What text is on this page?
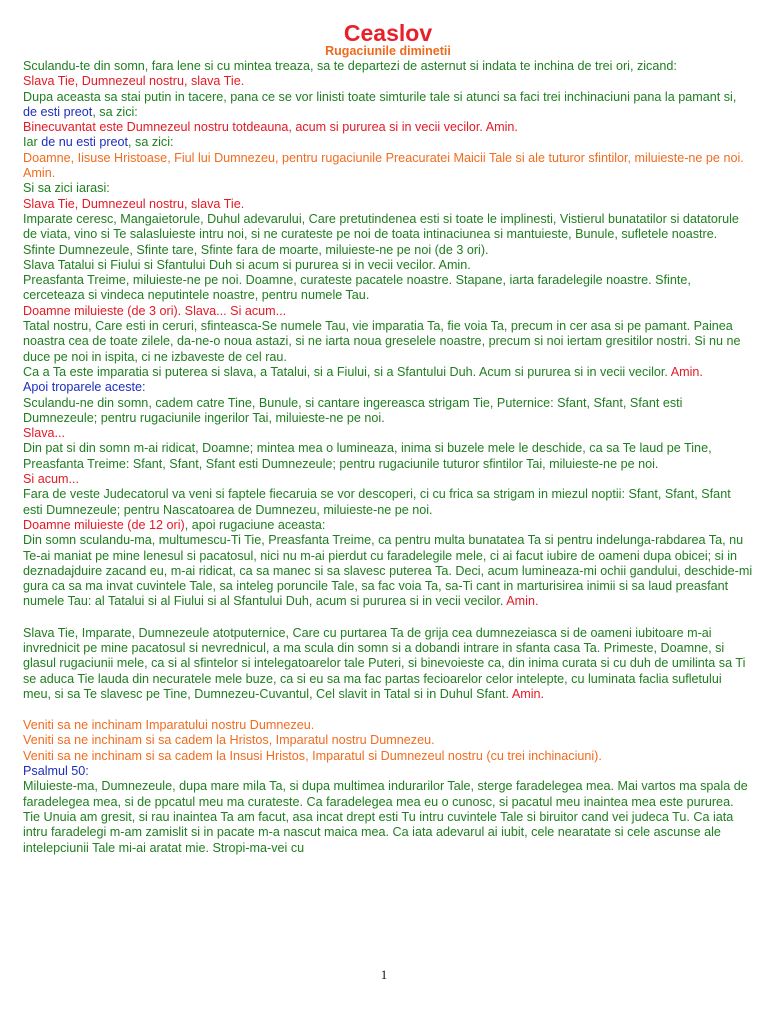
Ceaslov
Rugaciunile diminetii

Sculandu-te din somn, fara lene si cu mintea treaza, sa te departezi de asternut si indata te inchina de trei ori, zicand:

Slava Tie, Dumnezeul nostru, slava Tie.

Dupa aceasta sa stai putin in tacere, pana ce se vor linisti toate simturile tale si atunci sa faci trei inchinaciuni pana la pamant si, de esti preot, sa zici:

Binecuvantat este Dumnezeul nostru totdeauna, acum si pururea si in vecii vecilor. Amin.

Iar de nu esti preot, sa zici:

Doamne, Iisuse Hristoase, Fiul lui Dumnezeu, pentru rugaciunile Preacuratei Maicii Tale si ale tuturor sfintilor, miluieste-ne pe noi. Amin.

Si sa zici iarasi:

Slava Tie, Dumnezeul nostru, slava Tie.

Imparate ceresc, Mangaietorule, Duhul adevarului, Care pretutindenea esti si toate le implinesti, Vistierul bunatatilor si datatorule de viata, vino si Te salasluieste intru noi, si ne curateste pe noi de toata intinaciunea si mantuieste, Bunule, sufletele noastre.

Sfinte Dumnezeule, Sfinte tare, Sfinte fara de moarte, miluieste-ne pe noi (de 3 ori).

Slava Tatalui si Fiului si Sfantului Duh si acum si pururea si in vecii vecilor. Amin.

Preasfanta Treime, miluieste-ne pe noi. Doamne, curateste pacatele noastre. Stapane, iarta faradelegile noastre. Sfinte, cerceteaza si vindeca neputintele noastre, pentru numele Tau.

Doamne miluieste (de 3 ori). Slava... Si acum...

Tatal nostru, Care esti in ceruri, sfinteasca-Se numele Tau, vie imparatia Ta, fie voia Ta, precum in cer asa si pe pamant. Painea noastra cea de toate zilele, da-ne-o noua astazi, si ne iarta noua greselele noastre, precum si noi iertam gresitilor nostri. Si nu ne duce pe noi in ispita, ci ne izbaveste de cel rau.

Ca a Ta este imparatia si puterea si slava, a Tatalui, si a Fiului, si a Sfantului Duh. Acum si pururea si in vecii vecilor. Amin.

Apoi troparele aceste:

Sculandu-ne din somn, cadem catre Tine, Bunule, si cantare ingereasca strigam Tie, Puternice: Sfant, Sfant, Sfant esti Dumnezeule; pentru rugaciunile ingerilor Tai, miluieste-ne pe noi.

Slava...

Din pat si din somn m-ai ridicat, Doamne; mintea mea o lumineaza, inima si buzele mele le deschide, ca sa Te laud pe Tine, Preasfanta Treime: Sfant, Sfant, Sfant esti Dumnezeule; pentru rugaciunile tuturor sfintilor Tai, miluieste-ne pe noi.

Si acum...

Fara de veste Judecatorul va veni si faptele fiecaruia se vor descoperi, ci cu frica sa strigam in miezul noptii: Sfant, Sfant, Sfant esti Dumnezeule; pentru Nascatoarea de Dumnezeu, miluieste-ne pe noi.

Doamne miluieste (de 12 ori), apoi rugaciune aceasta:

Din somn sculandu-ma, multumescu-Ti Tie, Preasfanta Treime, ca pentru multa bunatatea Ta si pentru indelunga-rabdarea Ta, nu Te-ai maniat pe mine lenesul si pacatosul, nici nu m-ai pierdut cu faradelegile mele, ci ai facut iubire de oameni dupa obicei; si in deznadajduire zacand eu, m-ai ridicat, ca sa manec si sa slavesc puterea Ta. Deci, acum lumineaza-mi ochii gandului, deschide-mi gura ca sa ma invat cuvintele Tale, sa inteleg poruncile Tale, sa fac voia Ta, sa-Ti cant in marturisirea inimii si sa laud preasfant numele Tau: al Tatalui si al Fiului si al Sfantului Duh, acum si pururea si in vecii vecilor. Amin.

Slava Tie, Imparate, Dumnezeule atotputernice, Care cu purtarea Ta de grija cea dumnezeiasca si de oameni iubitoare m-ai invrednicit pe mine pacatosul si nevrednicul, a ma scula din somn si a dobandi intrare in sfanta casa Ta. Primeste, Doamne, si glasul rugaciunii mele, ca si al sfintelor si intelegatoarelor tale Puteri, si binevoieste ca, din inima curata si cu duh de umilinta sa Ti se aduca Tie lauda din necuratele mele buze, ca si eu sa ma fac partas fecioarelor celor intelepte, cu luminata faclia sufletului meu, si sa Te slavesc pe Tine, Dumnezeu-Cuvantul, Cel slavit in Tatal si in Duhul Sfant. Amin.

Veniti sa ne inchinam Imparatului nostru Dumnezeu.

Veniti sa ne inchinam si sa cadem la Hristos, Imparatul nostru Dumnezeu.

Veniti sa ne inchinam si sa cadem la Insusi Hristos, Imparatul si Dumnezeul nostru (cu trei inchinaciuni).

Psalmul 50:

Miluieste-ma, Dumnezeule, dupa mare mila Ta, si dupa multimea indurarilor Tale, sterge faradelegea mea. Mai vartos ma spala de faradelegea mea, si de ppcatul meu ma curateste. Ca faradelegea mea eu o cunosc, si pacatul meu inaintea mea este pururea. Tie Unuia am gresit, si rau inaintea Ta am facut, asa incat drept esti Tu intru cuvintele Tale si biruitor cand vei judeca Tu. Ca iata intru faradelegi m-am zamislit si in pacate m-a nascut maica mea. Ca iata adevarul ai iubit, cele nearatate si cele ascunse ale intelepciunii Tale mi-ai aratat mie. Stropi-ma-vei cu

1
